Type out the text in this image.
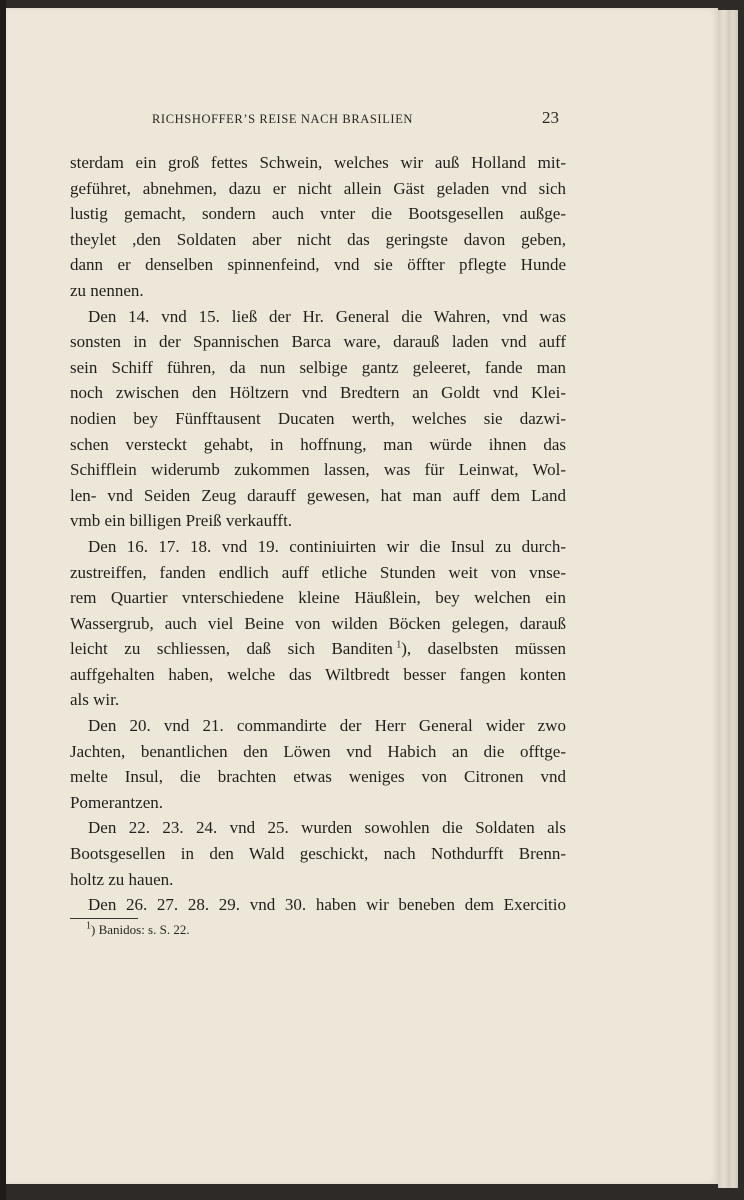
RICHSHOFFER’S REISE NACH BRASILIEN	23
sterdam ein groß fettes Schwein, welches wir auß Holland mit-
geführet, abnehmen, dazu er nicht allein Gäst geladen vnd sich
lustig gemacht, sondern auch vnter die Bootsgesellen außge-
theylet ,den Soldaten aber nicht das geringste davon geben,
dann er denselben spinnenfeind, vnd sie öffter pflegte Hunde
zu nennen.
Den 14. vnd 15. ließ der Hr. General die Wahren, vnd was
sonsten in der Spannischen Barca ware, darauß laden vnd auff
sein Schiff führen, da nun selbige gantz geleeret, fande man
noch zwischen den Höltzern vnd Bredtern an Goldt vnd Klei-
nodien bey Fünfftausent Ducaten werth, welches sie dazwi-
schen versteckt gehabt, in hoffnung, man würde ihnen das
Schifflein widerumb zukommen lassen, was für Leinwat, Wol-
len- vnd Seiden Zeug darauff gewesen, hat man auff dem Land
vmb ein billigen Preiß verkaufft.
Den 16. 17. 18. vnd 19. continiuirten wir die Insul zu durch-
zustreiffen, fanden endlich auff etliche Stunden weit von vnse-
rem Quartier vnterschiedene kleine Häußlein, bey welchen ein
Wassergrub, auch viel Beine von wilden Böcken gelegen, darauß
leicht zu schliessen, daß sich Banditen  $^1$), daselbsten müssen
auffgehalten haben, welche das Wiltbredt besser fangen konten
als wir.
Den 20. vnd 21. commandirte der Herr General wider zwo
Jachten, benantlichen den Löwen vnd Habich an die offtge-
melte Insul, die brachten etwas weniges von Citronen vnd
Pomerantzen.
Den 22. 23. 24. vnd 25. wurden sowohlen die Soldaten als
Bootsgesellen in den Wald geschickt, nach Nothdurfft Brenn-
holtz zu hauen.
Den 26. 27. 28. 29. vnd 30. haben wir beneben dem Exercitio
$^1$) Banidos: s. S. 22.
